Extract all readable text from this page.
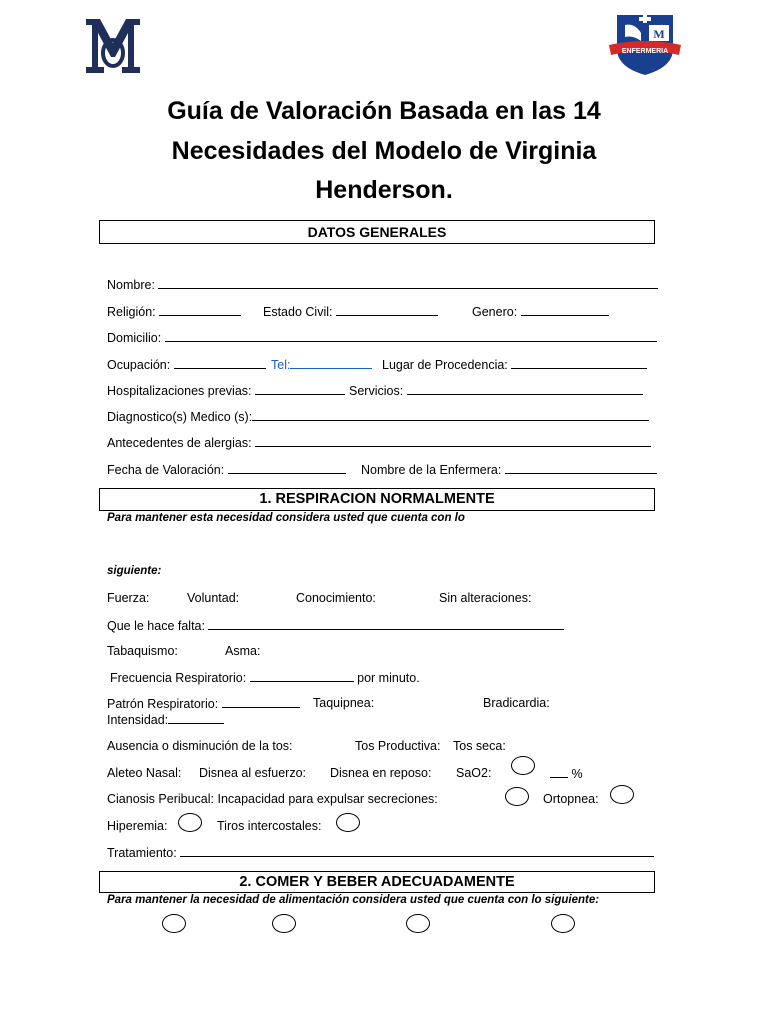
M
ENFERMERIA
Guía de Valoración Basada en las 14
Necesidades del Modelo de Virginia
Henderson.
DATOS GENERALES
Nombre:
Religión:	Estado Civil:	Genero:
Domicilio:
Ocupación:	Tel:	Lugar de Procedencia:
Hospitalizaciones previas:	Servicios:
Diagnostico(s) Medico (s):
Antecedentes de alergias:
Fecha de Valoración:	Nombre de la Enfermera:
1. RESPIRACION NORMALMENTE
Para mantener esta necesidad considera usted que cuenta con lo
siguiente:
Fuerza:	Voluntad:	Conocimiento:	Sin alteraciones:
Que le hace falta:
Tabaquismo:	Asma:
Frecuencia Respiratorio:	por minuto.
Patrón Respiratorio:	Taquipnea:	Bradicardia:
Intensidad:
Ausencia o disminución de la tos:	Tos Productiva: Tos seca:
Aleteo Nasal: Disnea al esfuerzo: Disnea en reposo: SaO2:	%
Cianosis Peribucal: Incapacidad para expulsar secreciones:	Ortopnea:
Hiperemia:	Tiros intercostales:
Tratamiento:
2. COMER Y BEBER ADECUADAMENTE
Para mantener la necesidad de alimentación considera usted que cuenta con lo siguiente:
